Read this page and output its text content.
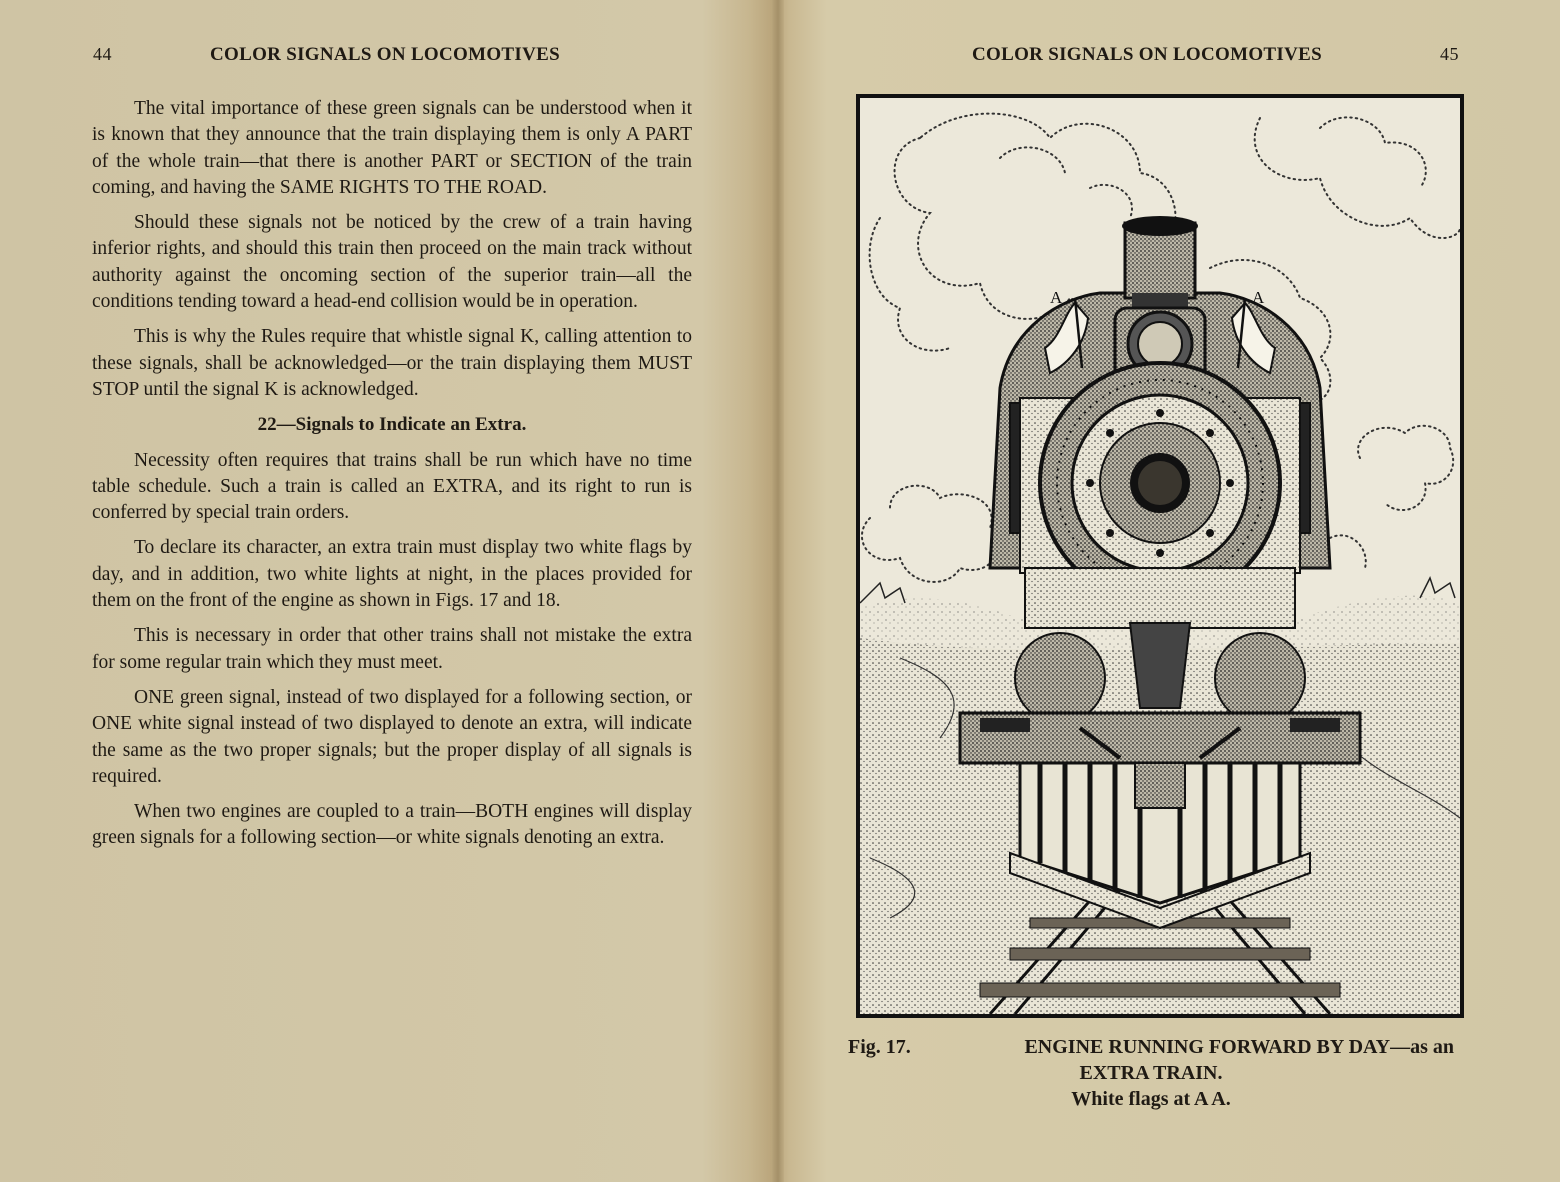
44	COLOR SIGNALS ON LOCOMOTIVES

The vital importance of these green signals can be understood when it is known that they announce that the train displaying them is only A PART of the whole train—that there is another PART or SECTION of the train coming, and having the SAME RIGHTS TO THE ROAD.

Should these signals not be noticed by the crew of a train having inferior rights, and should this train then proceed on the main track without authority against the oncoming section of the superior train—all the conditions tending toward a head-end collision would be in operation.

This is why the Rules require that whistle signal K, calling attention to these signals, shall be acknowledged—or the train displaying them MUST STOP until the signal K is acknowledged.

22—Signals to Indicate an Extra.

Necessity often requires that trains shall be run which have no time table schedule. Such a train is called an EXTRA, and its right to run is conferred by special train orders.

To declare its character, an extra train must display two white flags by day, and in addition, two white lights at night, in the places provided for them on the front of the engine as shown in Figs. 17 and 18.

This is necessary in order that other trains shall not mistake the extra for some regular train which they must meet.

ONE green signal, instead of two displayed for a following section, or ONE white signal instead of two displayed to denote an extra, will indicate the same as the two proper signals; but the proper display of all signals is required.

When two engines are coupled to a train—BOTH engines will display green signals for a following section—or white signals denoting an extra.

COLOR SIGNALS ON LOCOMOTIVES	45
A	A
Fig. 17.	ENGINE RUNNING FORWARD BY DAY—as an
EXTRA TRAIN.
White flags at A A.
